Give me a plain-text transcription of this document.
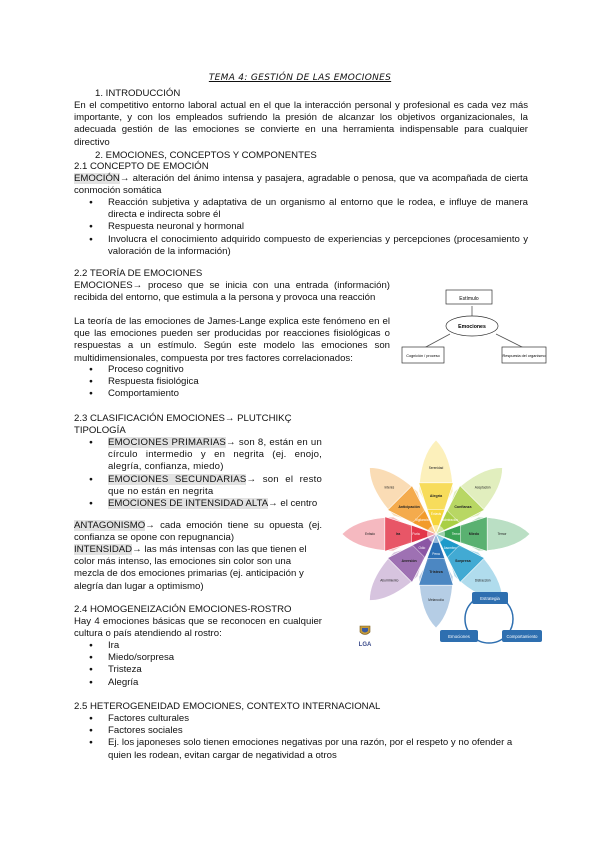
TEMA 4: GESTIÓN DE LAS EMOCIONES
1. INTRODUCCIÓN
En el competitivo entorno laboral actual en el que la interacción personal y profesional es cada vez más importante, y con los empleados sufriendo la presión de alcanzar los objetivos organizacionales, la adecuada gestión de las emociones se convierte en una herramienta indispensable para cualquier directivo
2. EMOCIONES, CONCEPTOS Y COMPONENTES
2.1 CONCEPTO DE EMOCIÓN
EMOCIÓN→ alteración del ánimo intensa y pasajera, agradable o penosa, que va acompañada de cierta conmoción somática
● Reacción subjetiva y adaptativa de un organismo al entorno que le rodea, e influye de manera directa e indirecta sobre él
● Respuesta neuronal y hormonal
● Involucra el conocimiento adquirido compuesto de experiencias y percepciones (procesamiento y valoración de la información)
2.2 TEORÍA DE EMOCIONES
EMOCIONES→ proceso que se inicia con una entrada (información) recibida del entorno, que estimula a la persona y provoca una reacción
La teoría de las emociones de James-Lange explica este fenómeno en el que las emociones pueden ser producidas por reacciones fisiológicas o respuestas a un estímulo. Según este modelo las emociones son multidimensionales, compuesta por tres factores correlacionados:
● Proceso cognitivo
● Respuesta fisiológica
● Comportamiento
Estímulo
Emociones
Cognición / proceso	Respuesta del organismo
2.3 CLASIFICACIÓN EMOCIONES→ PLUTCHIKÇ
TIPOLOGÍA
● EMOCIONES PRIMARIAS→ son 8, están en un círculo intermedio y en negrita (ej. enojo, alegría, confianza, miedo)
● EMOCIONES SECUNDARIAS→ son el resto que no están en negrita
● EMOCIONES DE INTENSIDAD ALTA→ el centro
ANTAGONISMO→ cada emoción tiene su opuesta (ej. confianza se opone con repugnancia)
INTENSIDAD→ las más intensas con las que tienen el color más intenso, las emociones sin color son una mezcla de dos emociones primarias (ej. anticipación y alegría dan lugar a optimismo)
Éxtasis
Alegría
Serenidad
Admiración
Confianza
Aceptación
Terror Miedo	Temor
Asombro
Sorpresa
Distracción
Pena
Tristeza
Melancolía
Odio
Aversión
Aburrimiento
Furia
Ira
Enfado
Vigilancia
Anticipación
Interés
LGA
Estrategia
Emociones	Comportamiento
2.4 HOMOGENEIZACIÓN EMOCIONES-ROSTRO
Hay 4 emociones básicas que se reconocen en cualquier cultura o país atendiendo al rostro:
● Ira
● Miedo/sorpresa
● Tristeza
● Alegría
2.5 HETEROGENEIDAD EMOCIONES, CONTEXTO INTERNACIONAL
● Factores culturales
● Factores sociales
● Ej. los japoneses solo tienen emociones negativas por una razón, por el respeto y no ofender a quien les rodean, evitan cargar de negatividad a otros
